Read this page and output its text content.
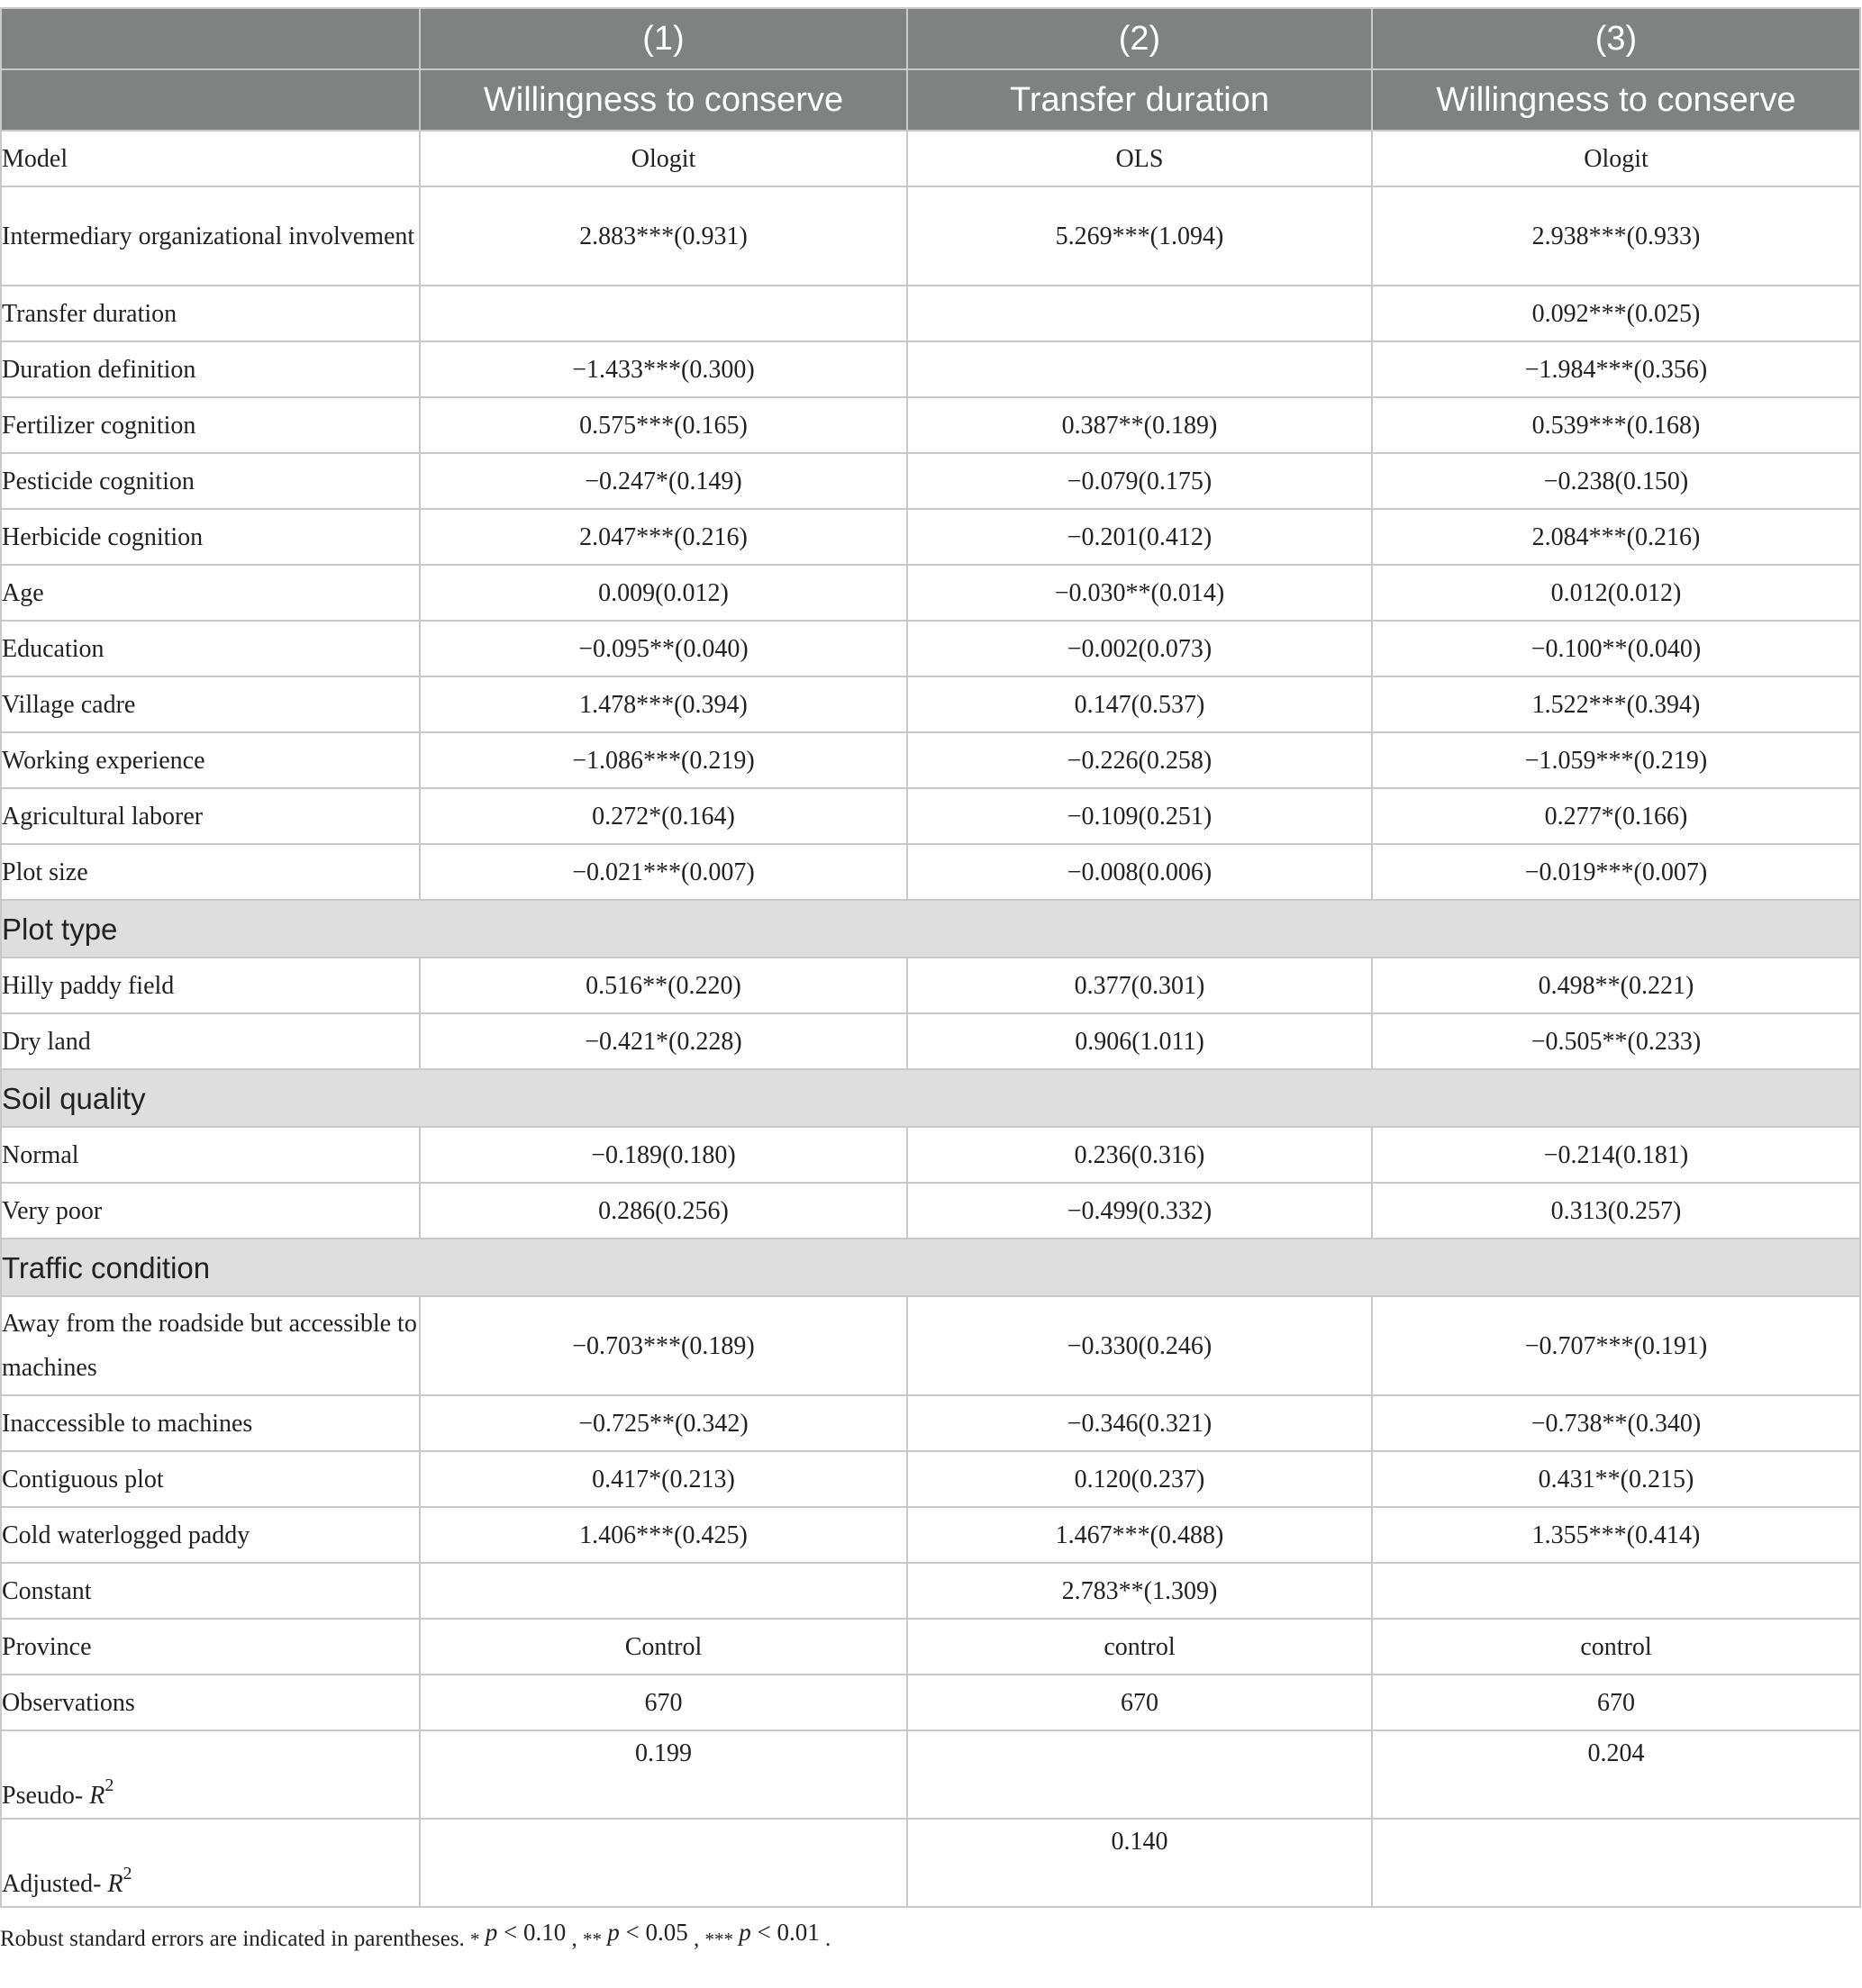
	(1)	(2)	(3)
	Willingness to conserve	Transfer duration	Willingness to conserve
Model	Ologit	OLS	Ologit
Intermediary organizational involvement	2.883***(0.931)	5.269***(1.094)	2.938***(0.933)
Transfer duration			0.092***(0.025)
Duration definition	−1.433***(0.300)		−1.984***(0.356)
Fertilizer cognition	0.575***(0.165)	0.387**(0.189)	0.539***(0.168)
Pesticide cognition	−0.247*(0.149)	−0.079(0.175)	−0.238(0.150)
Herbicide cognition	2.047***(0.216)	−0.201(0.412)	2.084***(0.216)
Age	0.009(0.012)	−0.030**(0.014)	0.012(0.012)
Education	−0.095**(0.040)	−0.002(0.073)	−0.100**(0.040)
Village cadre	1.478***(0.394)	0.147(0.537)	1.522***(0.394)
Working experience	−1.086***(0.219)	−0.226(0.258)	−1.059***(0.219)
Agricultural laborer	0.272*(0.164)	−0.109(0.251)	0.277*(0.166)
Plot size	−0.021***(0.007)	−0.008(0.006)	−0.019***(0.007)
Plot type			
Hilly paddy field	0.516**(0.220)	0.377(0.301)	0.498**(0.221)
Dry land	−0.421*(0.228)	0.906(1.011)	−0.505**(0.233)
Soil quality			
Normal	−0.189(0.180)	0.236(0.316)	−0.214(0.181)
Very poor	0.286(0.256)	−0.499(0.332)	0.313(0.257)
Traffic condition			
Away from the roadside but accessible to machines	−0.703***(0.189)	−0.330(0.246)	−0.707***(0.191)
Inaccessible to machines	−0.725**(0.342)	−0.346(0.321)	−0.738**(0.340)
Contiguous plot	0.417*(0.213)	0.120(0.237)	0.431**(0.215)
Cold waterlogged paddy	1.406***(0.425)	1.467***(0.488)	1.355***(0.414)
Constant		2.783**(1.309)	
Province	Control	control	control
Observations	670	670	670
Pseudo- $R^2$	0.199		0.204
Adjusted- $R^2$		0.140	
Robust standard errors are indicated in parentheses. * p < 0.10 , ** p < 0.05 , *** p < 0.01 .
